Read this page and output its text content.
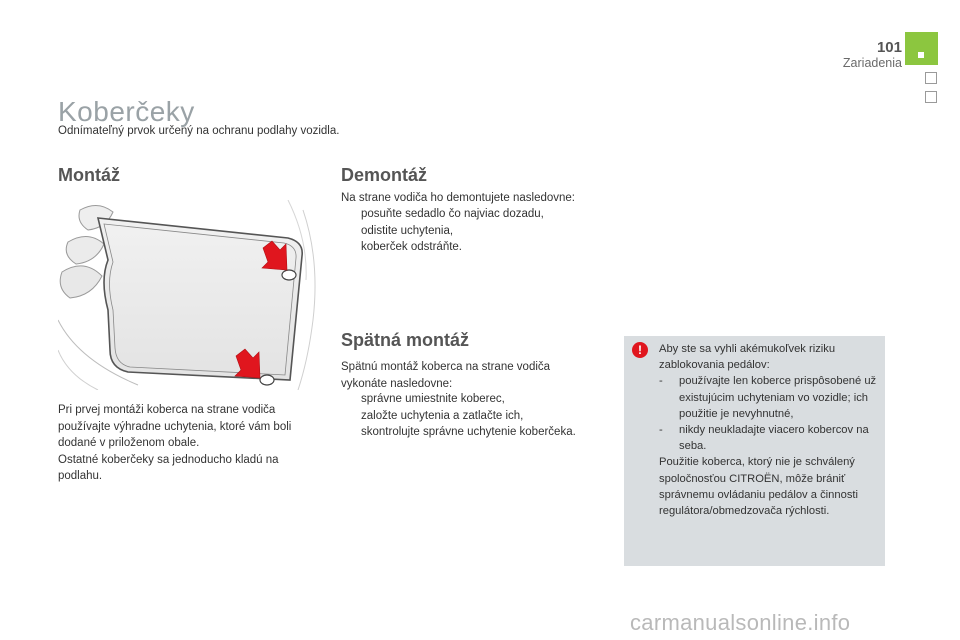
101
Zariadenia
Koberčeky
Odnímateľný prvok určený na ochranu podlahy vozidla.
Montáž
Pri prvej montáži koberca na strane vodiča
používajte výhradne uchytenia, ktoré vám boli
dodané v priloženom obale.
Ostatné koberčeky sa jednoducho kladú na
podlahu.
Demontáž
Na strane vodiča ho demontujete nasledovne:
posuňte sedadlo čo najviac dozadu,
odistite uchytenia,
koberček odstráňte.
Spätná montáž
Spätnú montáž koberca na strane vodiča vykonáte nasledovne:
správne umiestnite koberec,
založte uchytenia a zatlačte ich,
skontrolujte správne uchytenie koberčeka.
!	Aby ste sa vyhli akémukoľvek riziku zablokovania pedálov:
- používajte len koberce prispôsobené už existujúcim uchyteniam vo vozidle; ich použitie je nevyhnutné,
- nikdy neukladajte viacero kobercov na seba.
Použitie koberca, ktorý nie je schválený spoločnosťou CITROËN, môže brániť správnemu ovládaniu pedálov a činnosti regulátora/obmedzovača rýchlosti.
carmanualsonline.info
